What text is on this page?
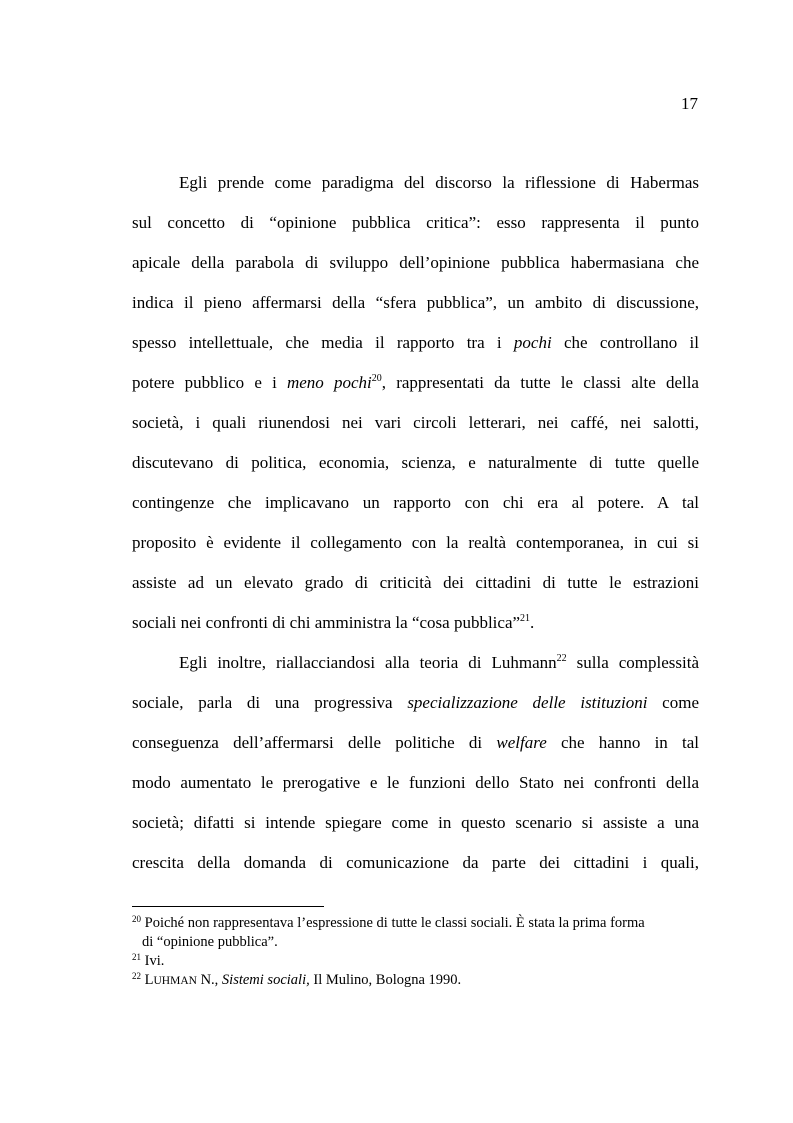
17
Egli prende come paradigma del discorso la riflessione di Habermas
sul concetto di “opinione pubblica critica”: esso rappresenta il punto
apicale della parabola di sviluppo dell’opinione pubblica habermasiana che
indica il pieno affermarsi della “sfera pubblica”, un ambito di discussione,
spesso intellettuale, che media il rapporto tra i pochi che controllano il
potere pubblico e i meno pochi$^{20}$, rappresentati da tutte le classi alte della
società, i quali riunendosi nei vari circoli letterari, nei caffé, nei salotti,
discutevano di politica, economia, scienza, e naturalmente di tutte quelle
contingenze che implicavano un rapporto con chi era al potere. A tal
proposito è evidente il collegamento con la realtà contemporanea, in cui si
assiste ad un elevato grado di criticità dei cittadini di tutte le estrazioni
sociali nei confronti di chi amministra la “cosa pubblica”$^{21}$.
Egli inoltre, riallacciandosi alla teoria di Luhmann$^{22}$ sulla complessità
sociale, parla di una progressiva specializzazione delle istituzioni come
conseguenza dell’affermarsi delle politiche di welfare che hanno in tal
modo aumentato le prerogative e le funzioni dello Stato nei confronti della
società; difatti si intende spiegare come in questo scenario si assiste a una
crescita della domanda di comunicazione da parte dei cittadini i quali,
$^{20}$ Poiché non rappresentava l’espressione di tutte le classi sociali. È stata la prima forma
di “opinione pubblica”.
$^{21}$ Ivi.
$^{22}$ LUHMAN N., Sistemi sociali, Il Mulino, Bologna 1990.
